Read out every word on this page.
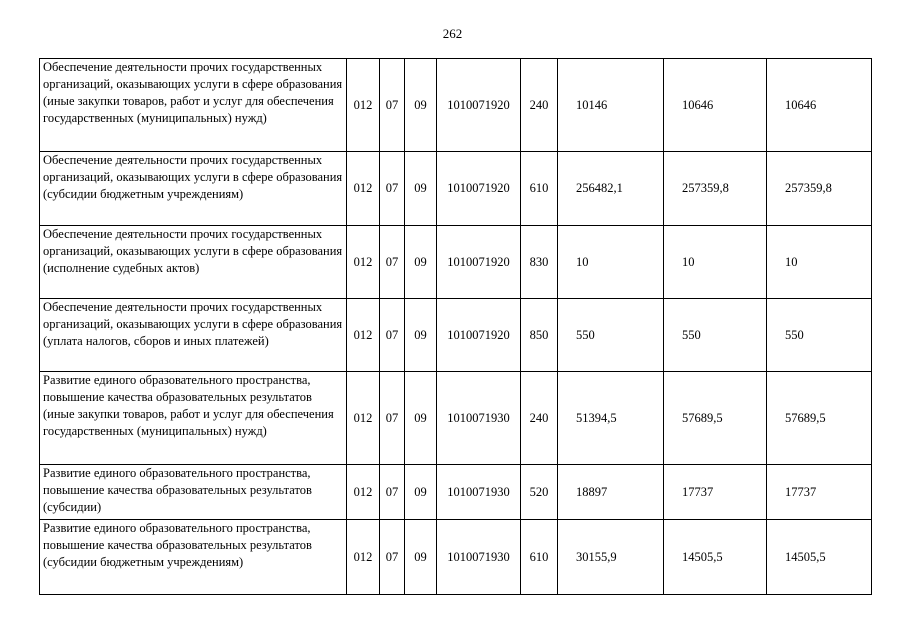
262
Обеспечение деятельности прочих государственных организаций, оказывающих услуги в сфере образования (иные закупки товаров, работ и услуг для обеспечения государственных (муниципальных) нужд)	012	07	09	1010071920	240	10146	10646	10646
Обеспечение деятельности прочих государственных организаций, оказывающих услуги в сфере образования (субсидии бюджетным учреждениям)	012	07	09	1010071920	610	256482,1	257359,8	257359,8
Обеспечение деятельности прочих государственных организаций, оказывающих услуги в сфере образования (исполнение судебных актов)	012	07	09	1010071920	830	10	10	10
Обеспечение деятельности прочих государственных организаций, оказывающих услуги в сфере образования (уплата налогов, сборов и иных платежей)	012	07	09	1010071920	850	550	550	550
Развитие единого образовательного пространства, повышение качества образовательных результатов (иные закупки товаров, работ и услуг для обеспечения государственных (муниципальных) нужд)	012	07	09	1010071930	240	51394,5	57689,5	57689,5
Развитие единого образовательного пространства, повышение качества образовательных результатов (субсидии)	012	07	09	1010071930	520	18897	17737	17737
Развитие единого образовательного пространства, повышение качества образовательных результатов (субсидии бюджетным учреждениям)	012	07	09	1010071930	610	30155,9	14505,5	14505,5
